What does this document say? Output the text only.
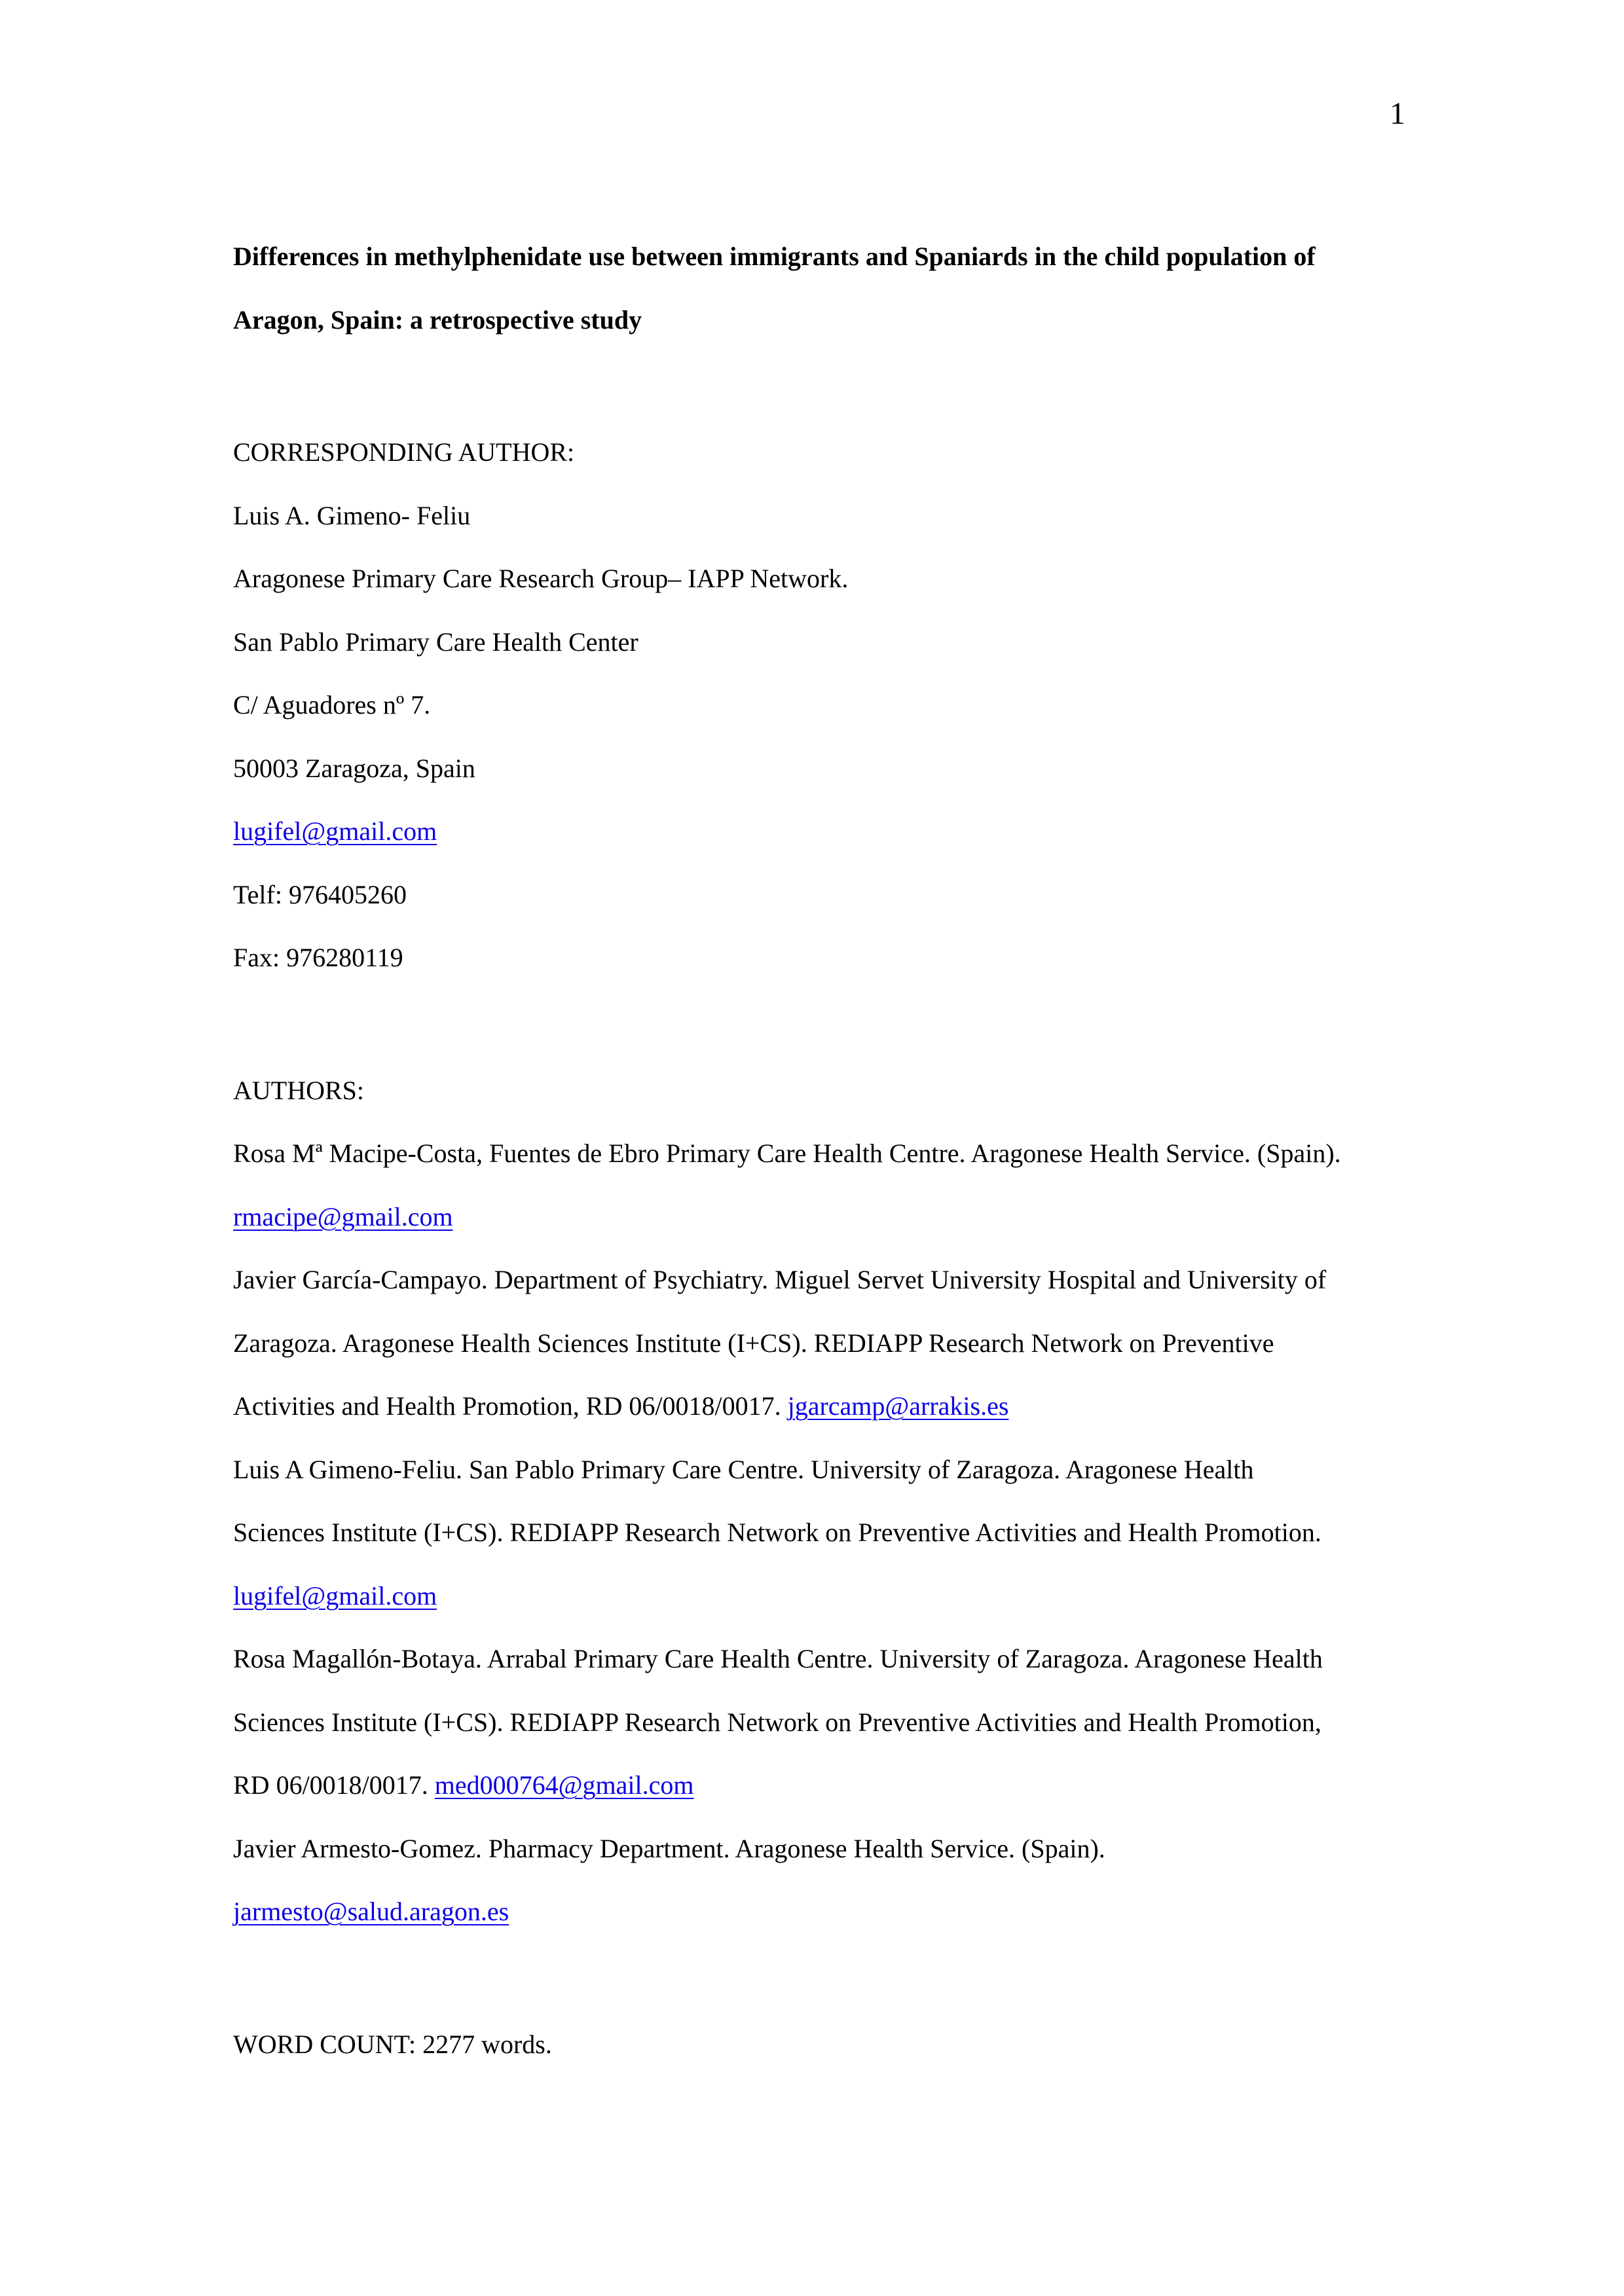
1

Differences in methylphenidate use between immigrants and Spaniards in the child population of

Aragon, Spain: a retrospective study

CORRESPONDING AUTHOR:

Luis A. Gimeno- Feliu

Aragonese Primary Care Research Group– IAPP Network.

San Pablo Primary Care Health Center

C/ Aguadores nº 7.

50003 Zaragoza, Spain

lugifel@gmail.com

Telf: 976405260

Fax: 976280119

AUTHORS:

Rosa Mª Macipe-Costa, Fuentes de Ebro Primary Care Health Centre. Aragonese Health Service. (Spain).

rmacipe@gmail.com

Javier García-Campayo. Department of Psychiatry. Miguel Servet University Hospital and University of

Zaragoza. Aragonese Health Sciences Institute (I+CS). REDIAPP Research Network on Preventive

Activities and Health Promotion, RD 06/0018/0017. jgarcamp@arrakis.es

Luis A Gimeno-Feliu. San Pablo Primary Care Centre. University of Zaragoza. Aragonese Health

Sciences Institute (I+CS). REDIAPP Research Network on Preventive Activities and Health Promotion.

lugifel@gmail.com

Rosa Magallón-Botaya. Arrabal Primary Care Health Centre. University of Zaragoza. Aragonese Health

Sciences Institute (I+CS). REDIAPP Research Network on Preventive Activities and Health Promotion,

RD 06/0018/0017. med000764@gmail.com

Javier Armesto-Gomez. Pharmacy Department. Aragonese Health Service. (Spain).

jarmesto@salud.aragon.es

WORD COUNT: 2277 words.
